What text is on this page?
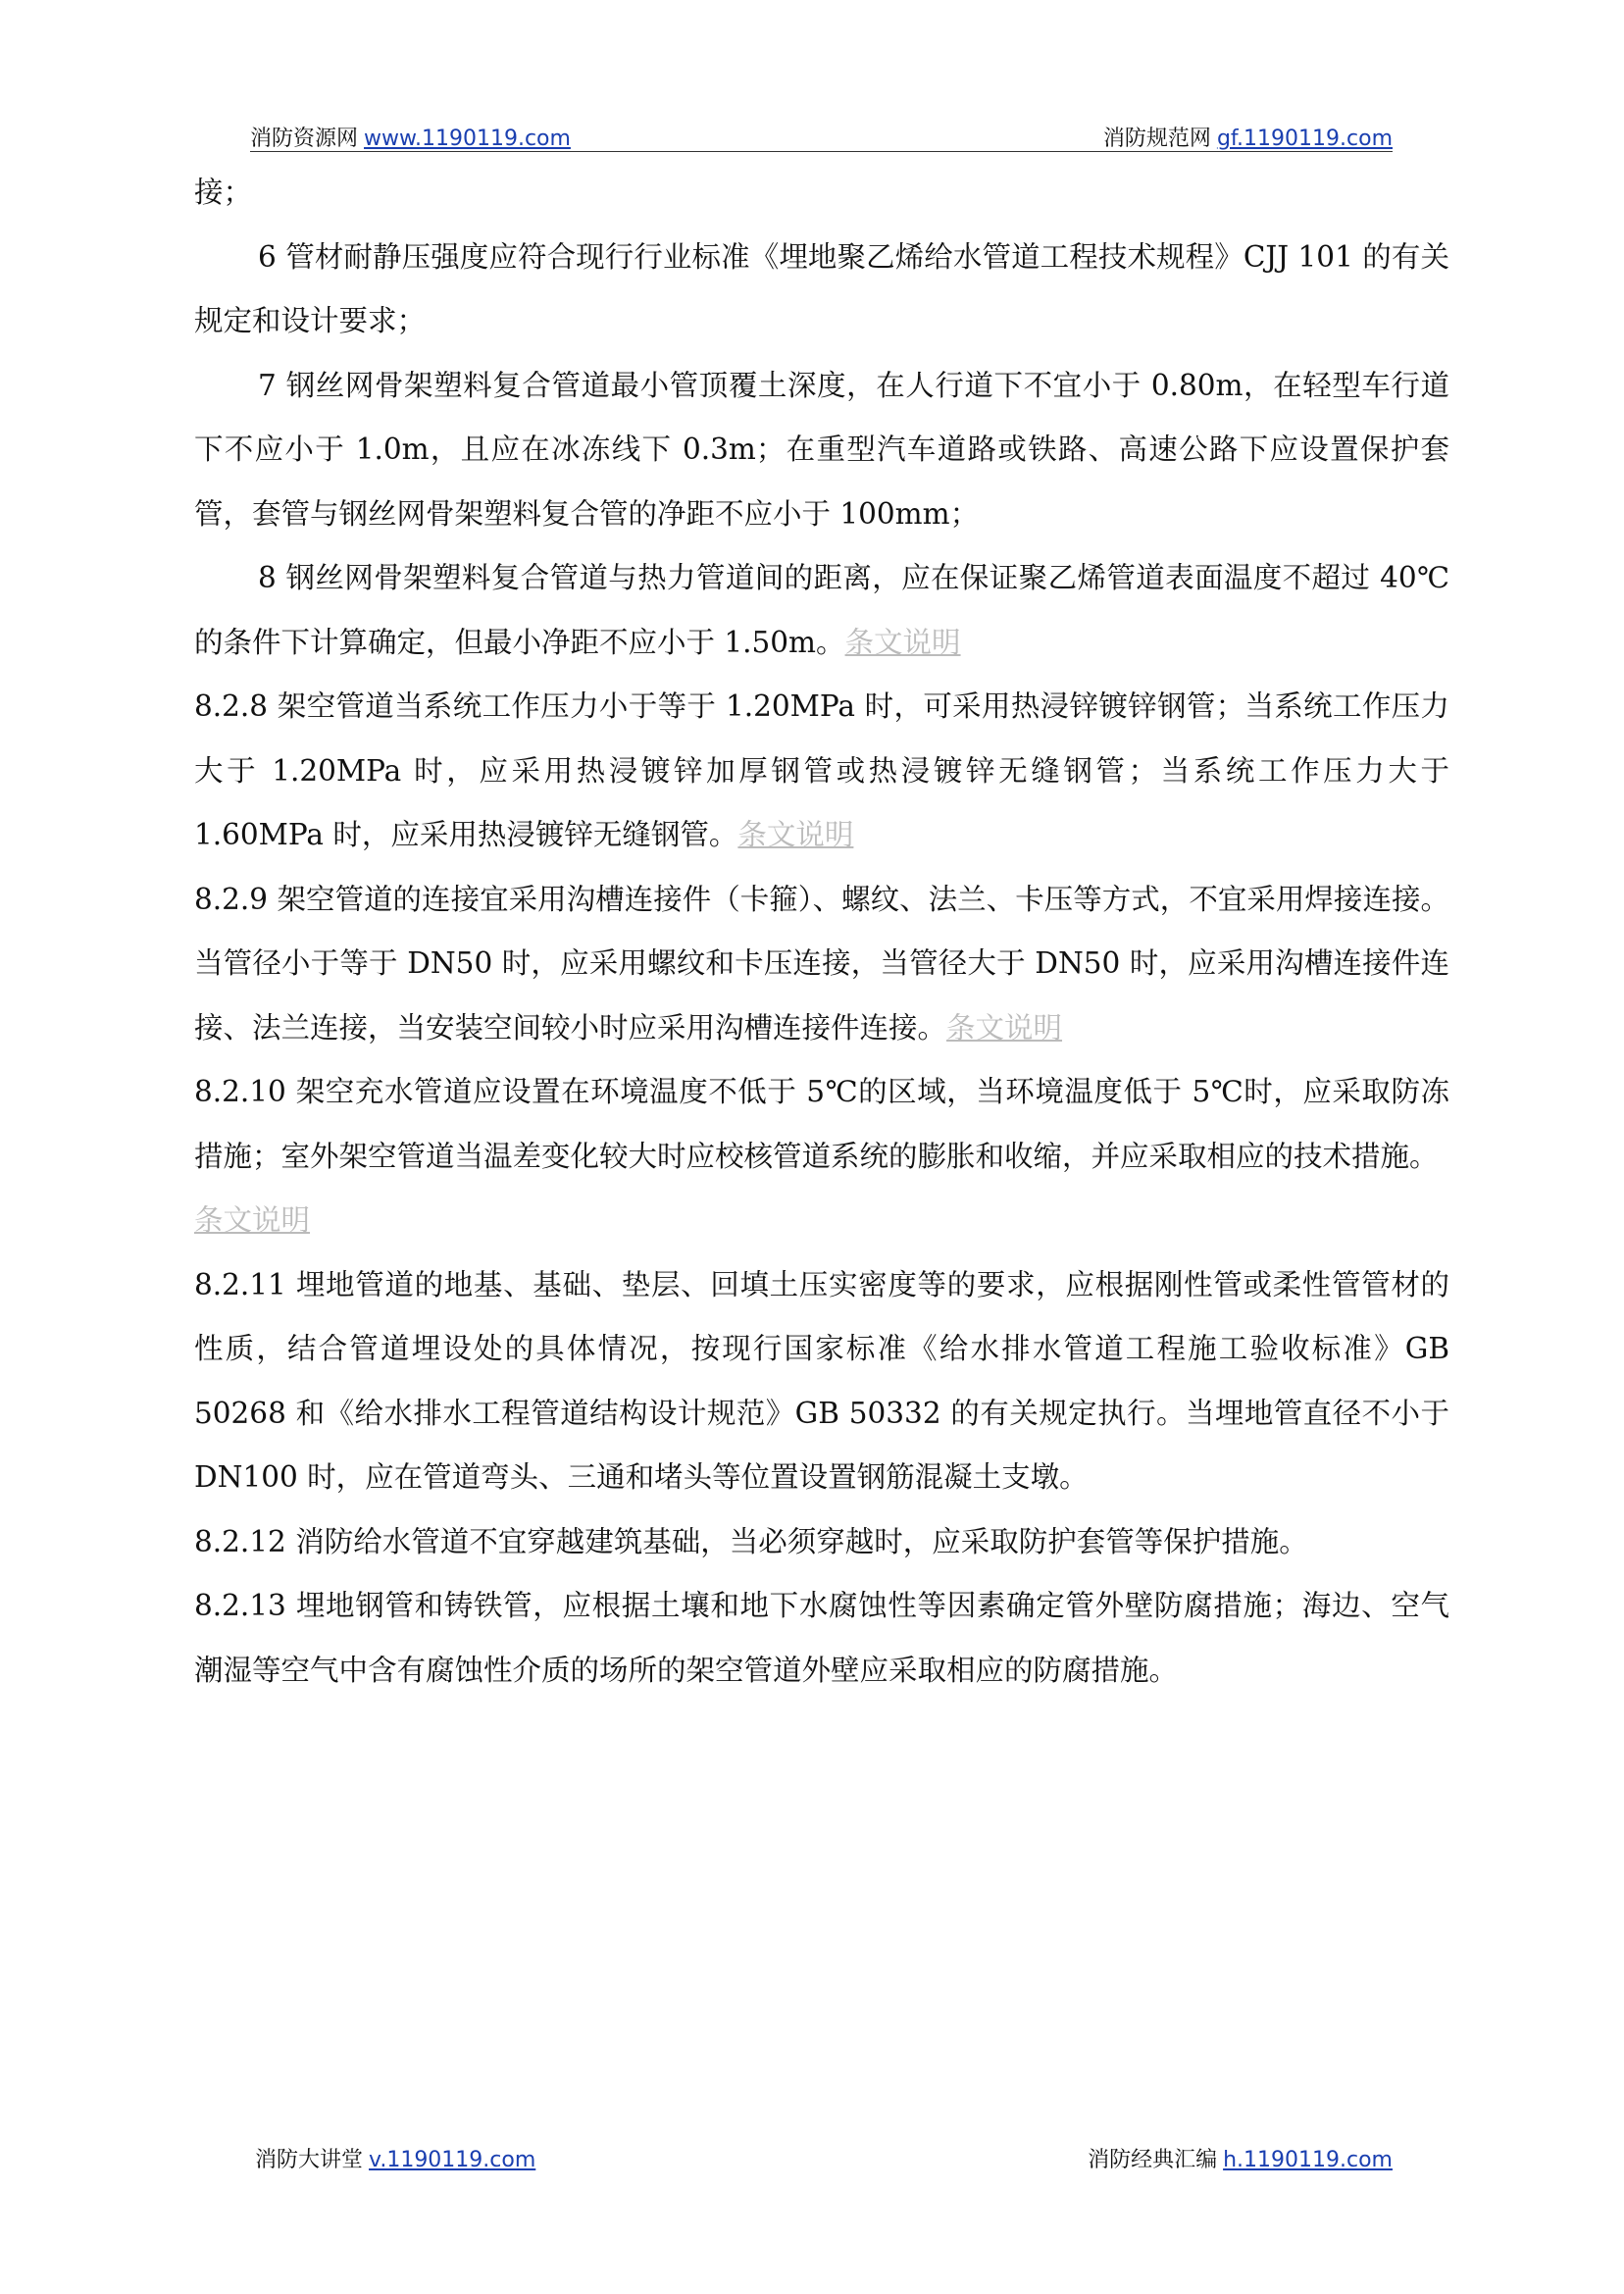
消防资源网 www.1190119.com	消防规范网 gf.1190119.com

接；

6 管材耐静压强度应符合现行行业标准《埋地聚乙烯给水管道工程技术规程》CJJ 101 的有关规定和设计要求；

7 钢丝网骨架塑料复合管道最小管顶覆土深度，在人行道下不宜小于 0.80m，在轻型车行道下不应小于 1.0m，且应在冰冻线下 0.3m；在重型汽车道路或铁路、高速公路下应设置保护套管，套管与钢丝网骨架塑料复合管的净距不应小于 100mm；

8 钢丝网骨架塑料复合管道与热力管道间的距离，应在保证聚乙烯管道表面温度不超过 40℃的条件下计算确定，但最小净距不应小于 1.50m。条文说明

8.2.8 架空管道当系统工作压力小于等于 1.20MPa 时，可采用热浸锌镀锌钢管；当系统工作压力大于 1.20MPa 时，应采用热浸镀锌加厚钢管或热浸镀锌无缝钢管；当系统工作压力大于 1.60MPa 时，应采用热浸镀锌无缝钢管。条文说明

8.2.9 架空管道的连接宜采用沟槽连接件（卡箍）、螺纹、法兰、卡压等方式，不宜采用焊接连接。当管径小于等于 DN50 时，应采用螺纹和卡压连接，当管径大于 DN50 时，应采用沟槽连接件连接、法兰连接，当安装空间较小时应采用沟槽连接件连接。条文说明

8.2.10 架空充水管道应设置在环境温度不低于 5℃的区域，当环境温度低于 5℃时，应采取防冻措施；室外架空管道当温差变化较大时应校核管道系统的膨胀和收缩，并应采取相应的技术措施。

条文说明

8.2.11 埋地管道的地基、基础、垫层、回填土压实密度等的要求，应根据刚性管或柔性管管材的性质，结合管道埋设处的具体情况，按现行国家标准《给水排水管道工程施工验收标准》GB 50268 和《给水排水工程管道结构设计规范》GB 50332 的有关规定执行。当埋地管直径不小于 DN100 时，应在管道弯头、三通和堵头等位置设置钢筋混凝土支墩。

8.2.12 消防给水管道不宜穿越建筑基础，当必须穿越时，应采取防护套管等保护措施。

8.2.13 埋地钢管和铸铁管，应根据土壤和地下水腐蚀性等因素确定管外壁防腐措施；海边、空气潮湿等空气中含有腐蚀性介质的场所的架空管道外壁应采取相应的防腐措施。

消防大讲堂 v.1190119.com	消防经典汇编 h.1190119.com
